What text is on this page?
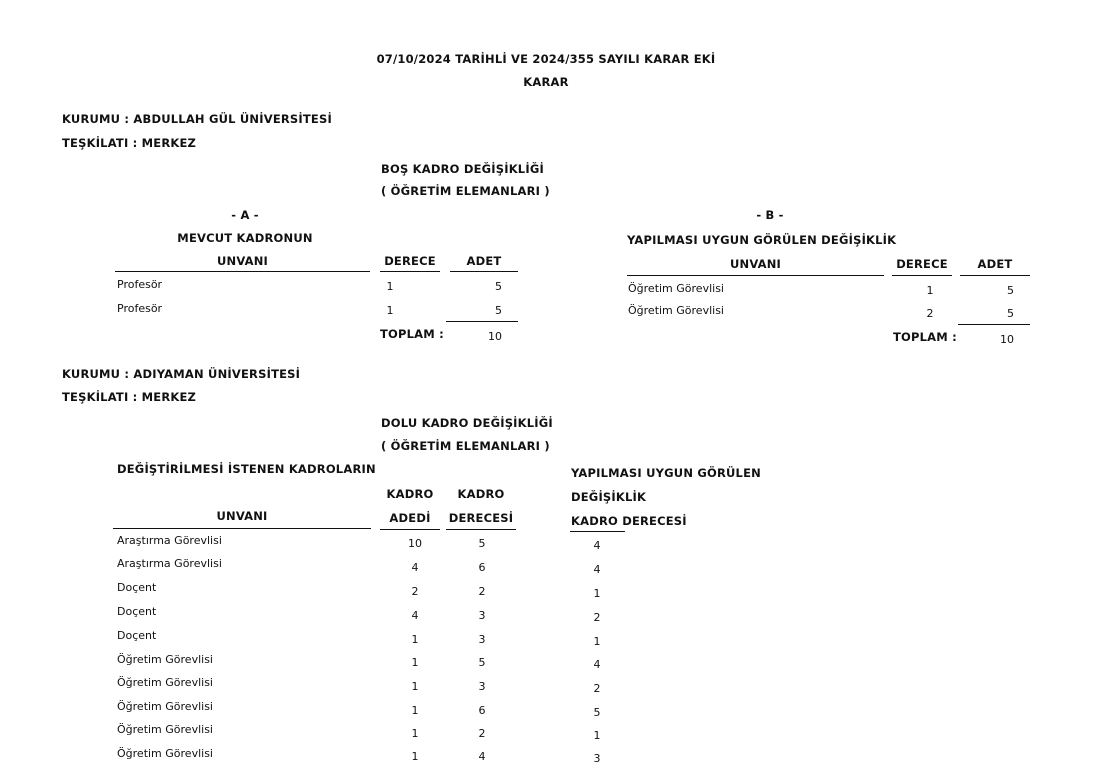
07/10/2024 TARİHLİ VE 2024/355 SAYILI KARAR EKİ
KARAR
KURUMU : ABDULLAH GÜL ÜNİVERSİTESİ
TEŞKİLATI : MERKEZ
BOŞ KADRO DEĞİŞİKLİĞİ
( ÖĞRETİM ELEMANLARI )
- A -
MEVCUT KADRONUN
UNVANI	DERECE	ADET
Profesör	1	5
Profesör	1	5
TOPLAM :	10
- B -
YAPILMASI UYGUN GÖRÜLEN DEĞİŞİKLİK
UNVANI	DERECE	ADET
Öğretim Görevlisi	1	5
Öğretim Görevlisi	2	5
TOPLAM :	10
KURUMU : ADIYAMAN ÜNİVERSİTESİ
TEŞKİLATI : MERKEZ
DOLU KADRO DEĞİŞİKLİĞİ
( ÖĞRETİM ELEMANLARI )
DEĞİŞTİRİLMESİ İSTENEN KADROLARIN	YAPILMASI UYGUN GÖRÜLEN
DEĞİŞİKLİK
KADRO DERECESİ
KADRO	KADRO
UNVANI	ADEDİ	DERECESİ
Araştırma Görevlisi	10	5	4
Araştırma Görevlisi	4	6	4
Doçent	2	2	1
Doçent	4	3	2
Doçent	1	3	1
Öğretim Görevlisi	1	5	4
Öğretim Görevlisi	1	3	2
Öğretim Görevlisi	1	6	5
Öğretim Görevlisi	1	2	1
Öğretim Görevlisi	1	4	3
